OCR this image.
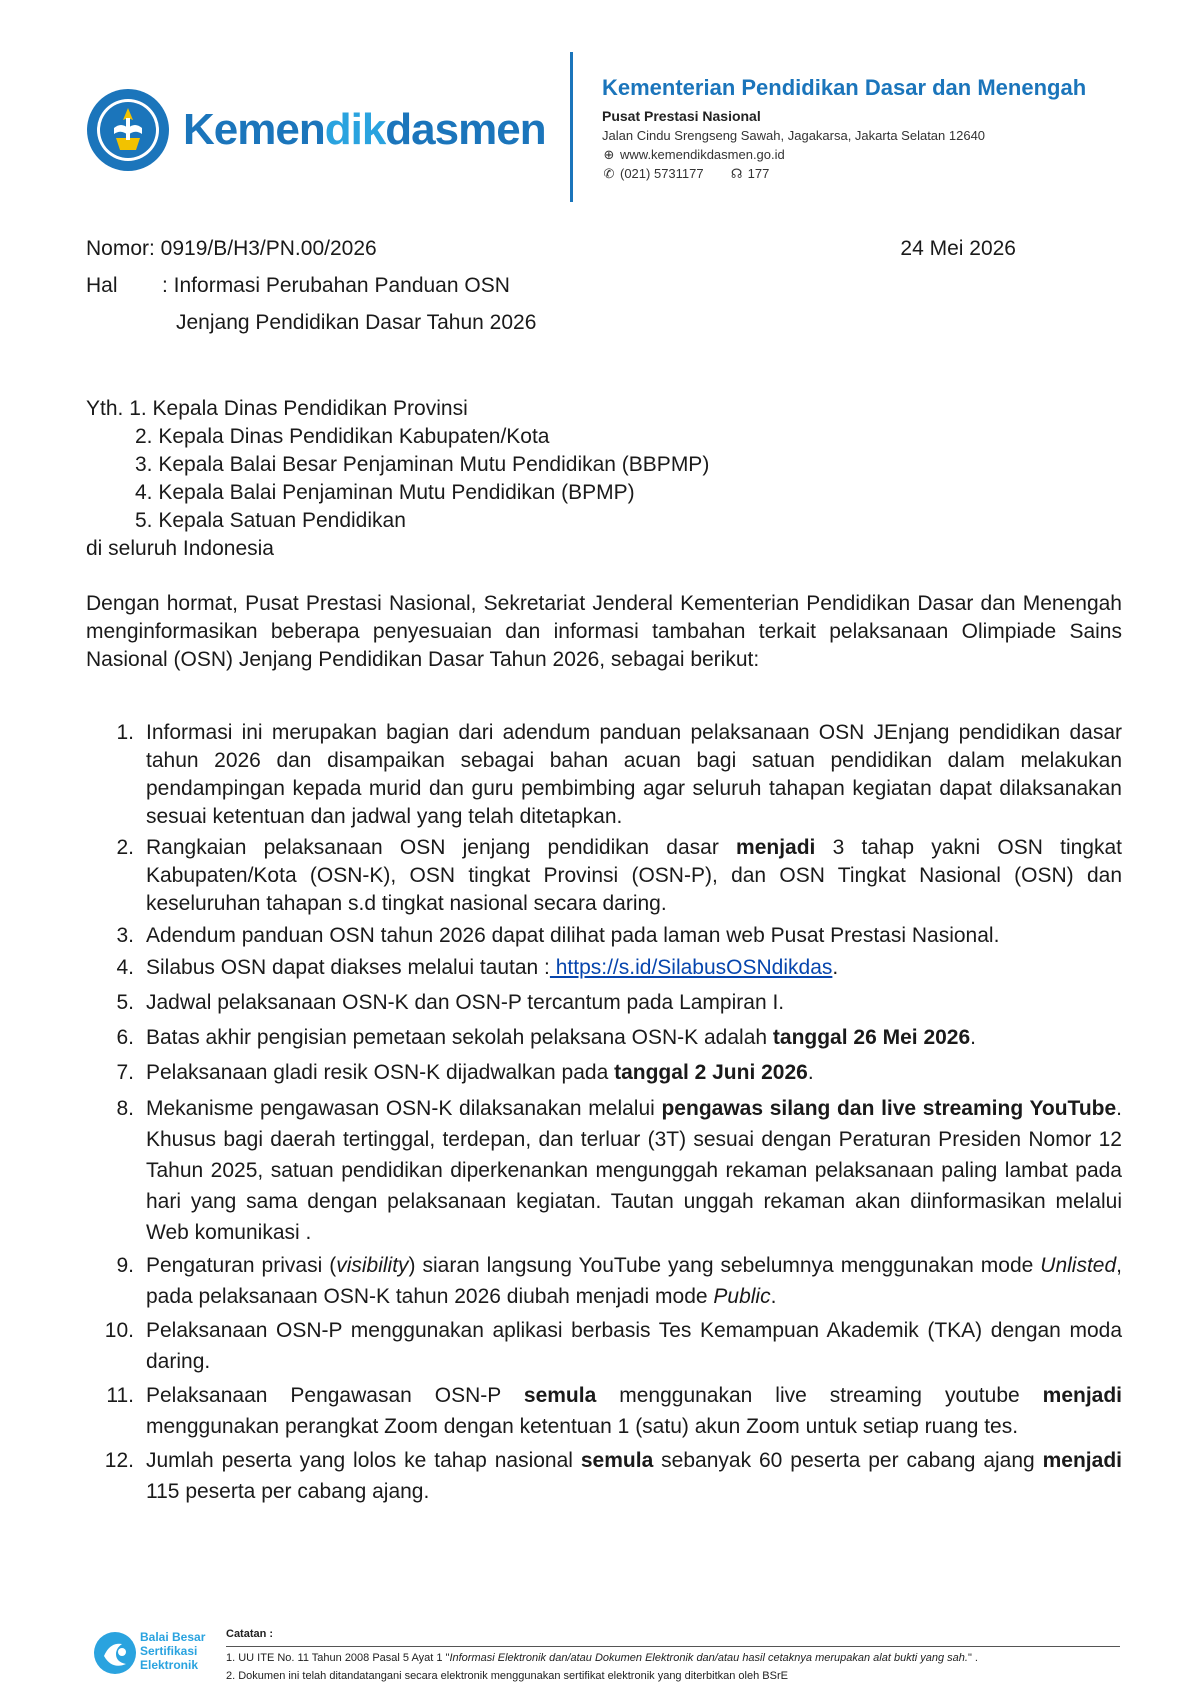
Kemendikdasmen
Kementerian Pendidikan Dasar dan Menengah
Pusat Prestasi Nasional
Jalan Cindu Srengseng Sawah, Jagakarsa, Jakarta Selatan 12640
⊕ www.kemendikdasmen.go.id
✆ (021) 5731177 ☊ 177
Nomor: 0919/B/H3/PN.00/2026	24 Mei 2026
Hal : Informasi Perubahan Panduan OSN
Jenjang Pendidikan Dasar Tahun 2026
Yth. 1. Kepala Dinas Pendidikan Provinsi
2. Kepala Dinas Pendidikan Kabupaten/Kota
3. Kepala Balai Besar Penjaminan Mutu Pendidikan (BBPMP)
4. Kepala Balai Penjaminan Mutu Pendidikan (BPMP)
5. Kepala Satuan Pendidikan
di seluruh Indonesia
Dengan hormat, Pusat Prestasi Nasional, Sekretariat Jenderal Kementerian Pendidikan Dasar dan Menengah menginformasikan beberapa penyesuaian dan informasi tambahan terkait pelaksanaan Olimpiade Sains Nasional (OSN) Jenjang Pendidikan Dasar Tahun 2026, sebagai berikut:
1. Informasi ini merupakan bagian dari adendum panduan pelaksanaan OSN JEnjang pendidikan dasar tahun 2026 dan disampaikan sebagai bahan acuan bagi satuan pendidikan dalam melakukan pendampingan kepada murid dan guru pembimbing agar seluruh tahapan kegiatan dapat dilaksanakan sesuai ketentuan dan jadwal yang telah ditetapkan.
2. Rangkaian pelaksanaan OSN jenjang pendidikan dasar menjadi 3 tahap yakni OSN tingkat Kabupaten/Kota (OSN-K), OSN tingkat Provinsi (OSN-P), dan OSN Tingkat Nasional (OSN) dan keseluruhan tahapan s.d tingkat nasional secara daring.
3. Adendum panduan OSN tahun 2026 dapat dilihat pada laman web Pusat Prestasi Nasional.
4. Silabus OSN dapat diakses melalui tautan : https://s.id/SilabusOSNdikdas.
5. Jadwal pelaksanaan OSN-K dan OSN-P tercantum pada Lampiran I.
6. Batas akhir pengisian pemetaan sekolah pelaksana OSN-K adalah tanggal 26 Mei 2026.
7. Pelaksanaan gladi resik OSN-K dijadwalkan pada tanggal 2 Juni 2026.
8. Mekanisme pengawasan OSN-K dilaksanakan melalui pengawas silang dan live streaming YouTube. Khusus bagi daerah tertinggal, terdepan, dan terluar (3T) sesuai dengan Peraturan Presiden Nomor 12 Tahun 2025, satuan pendidikan diperkenankan mengunggah rekaman pelaksanaan paling lambat pada hari yang sama dengan pelaksanaan kegiatan. Tautan unggah rekaman akan diinformasikan melalui Web komunikasi .
9. Pengaturan privasi (visibility) siaran langsung YouTube yang sebelumnya menggunakan mode Unlisted, pada pelaksanaan OSN-K tahun 2026 diubah menjadi mode Public.
10. Pelaksanaan OSN-P menggunakan aplikasi berbasis Tes Kemampuan Akademik (TKA) dengan moda daring.
11. Pelaksanaan Pengawasan OSN-P semula menggunakan live streaming youtube menjadi menggunakan perangkat Zoom dengan ketentuan 1 (satu) akun Zoom untuk setiap ruang tes.
12. Jumlah peserta yang lolos ke tahap nasional semula sebanyak 60 peserta per cabang ajang menjadi 115 peserta per cabang ajang.
Balai Besar
Sertifikasi
Elektronik
Catatan :
1. UU ITE No. 11 Tahun 2008 Pasal 5 Ayat 1 "Informasi Elektronik dan/atau Dokumen Elektronik dan/atau hasil cetaknya merupakan alat bukti yang sah." .
2. Dokumen ini telah ditandatangani secara elektronik menggunakan sertifikat elektronik yang diterbitkan oleh BSrE
